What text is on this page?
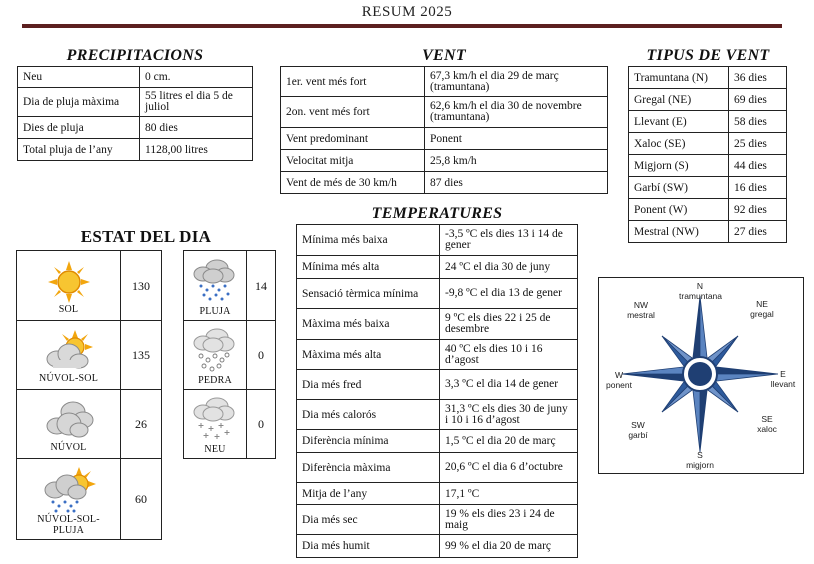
RESUM 2025
PRECIPITACIONS
Neu	0 cm.
Dia de pluja màxima	55 litres el dia 5 de juliol
Dies de pluja	80 dies
Total pluja de l’any	1128,00 litres
VENT
1er. vent més fort	67,3 km/h el dia 29 de març (tramuntana)
2on. vent més fort	62,6 km/h el dia 30 de novembre (tramuntana)
Vent predominant	Ponent
Velocitat mitja	25,8 km/h
Vent de més de 30 km/h	87 dies
TIPUS DE VENT
Tramuntana (N)	36 dies
Gregal (NE)	69 dies
Llevant (E)	58 dies
Xaloc (SE)	25 dies
Migjorn (S)	44 dies
Garbí (SW)	16 dies
Ponent (W)	92 dies
Mestral (NW)	27 dies
ESTAT DEL DIA
SOL	130

NÚVOL-SOL	135

NÚVOL	26

NÚVOL-SOL-PLUJA	60
PLUJA	14

PEDRA	0

NEU	0
TEMPERATURES
Mínima més baixa	-3,5 ºC els dies 13 i 14 de gener
Mínima més alta	24 ºC el dia 30 de juny
Sensació tèrmica mínima	-9,8 ºC el dia 13 de gener
Màxima més baixa	9 ºC els dies 22 i 25 de desembre
Màxima més alta	40 ºC els dies 10 i 16 d’agost
Dia més fred	3,3 ºC el dia 14 de gener
Dia més calorós	31,3 ºC els dies 30 de juny i 10 i 16 d’agost
Diferència mínima	1,5 ºC el dia 20 de març
Diferència màxima	20,6 ºC el dia 6 d’octubre
Mitja de l’any	17,1 ºC
Dia més sec	19 % els dies 23 i 24 de maig
Dia més humit	99 % el dia 20 de març
N
tramuntana
NE
gregal
E
llevant
SE
xaloc
S
migjorn
SW
garbí
W
ponent
NW
mestral
